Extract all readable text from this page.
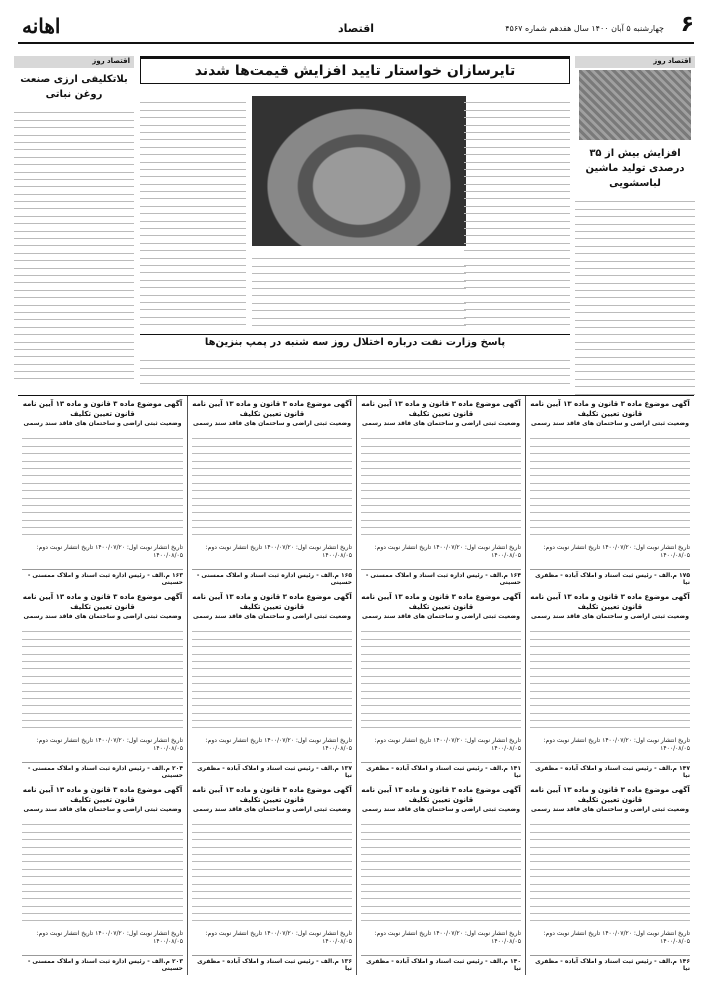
۶
چهارشنبه ۵ آبان ۱۴۰۰ سال هفدهم شماره ۴۵۶۷
اقتصاد
اهانه
اقتصاد روز
افزایش بیش از ۳۵ درصدی تولید ماشین لباسشویی
اقتصاد روز
بلاتکلیفی ارزی صنعت روغن نباتی
تایرسازان خواستار تایید افزایش قیمت‌ها شدند
پاسخ وزارت نفت درباره اختلال روز سه شنبه در پمپ بنزین‌ها
آگهی موضوع ماده ۳ قانون و ماده ۱۳ آیین نامه قانون تعیین تکلیف
وضعیت ثبتی اراضی و ساختمان های فاقد سند رسمی
تاریخ انتشار نوبت اول: ۱۴۰۰/۰۷/۲۰ تاریخ انتشار نوبت دوم: ۱۴۰۰/۰۸/۰۵
۱۷۵ م.الف - رئیس ثبت اسناد و املاک آباده - مظفری نیا
آگهی موضوع ماده ۳ قانون و ماده ۱۳ آیین نامه قانون تعیین تکلیف
وضعیت ثبتی اراضی و ساختمان های فاقد سند رسمی
تاریخ انتشار نوبت اول: ۱۴۰۰/۰۷/۲۰ تاریخ انتشار نوبت دوم: ۱۴۰۰/۰۸/۰۵
۱۶۴ م.الف - رئیس اداره ثبت اسناد و املاک ممسنی - حسینی
آگهی موضوع ماده ۳ قانون و ماده ۱۳ آیین نامه قانون تعیین تکلیف
وضعیت ثبتی اراضی و ساختمان های فاقد سند رسمی
تاریخ انتشار نوبت اول: ۱۴۰۰/۰۷/۲۰ تاریخ انتشار نوبت دوم: ۱۴۰۰/۰۸/۰۵
۱۶۵ م.الف - رئیس اداره ثبت اسناد و املاک ممسنی - حسینی
آگهی موضوع ماده ۳ قانون و ماده ۱۳ آیین نامه قانون تعیین تکلیف
وضعیت ثبتی اراضی و ساختمان های فاقد سند رسمی
تاریخ انتشار نوبت اول: ۱۴۰۰/۰۷/۲۰ تاریخ انتشار نوبت دوم: ۱۴۰۰/۰۸/۰۵
۱۶۳ م.الف - رئیس اداره ثبت اسناد و املاک ممسنی - حسینی
آگهی موضوع ماده ۳ قانون و ماده ۱۳ آیین نامه قانون تعیین تکلیف
وضعیت ثبتی اراضی و ساختمان های فاقد سند رسمی
تاریخ انتشار نوبت اول: ۱۴۰۰/۰۷/۲۰ تاریخ انتشار نوبت دوم: ۱۴۰۰/۰۸/۰۵
۱۴۷ م.الف - رئیس ثبت اسناد و املاک آباده - مظفری نیا
آگهی موضوع ماده ۳ قانون و ماده ۱۳ آیین نامه قانون تعیین تکلیف
وضعیت ثبتی اراضی و ساختمان های فاقد سند رسمی
تاریخ انتشار نوبت اول: ۱۴۰۰/۰۷/۲۰ تاریخ انتشار نوبت دوم: ۱۴۰۰/۰۸/۰۵
۱۴۱ م.الف - رئیس ثبت اسناد و املاک آباده - مظفری نیا
آگهی موضوع ماده ۳ قانون و ماده ۱۳ آیین نامه قانون تعیین تکلیف
وضعیت ثبتی اراضی و ساختمان های فاقد سند رسمی
تاریخ انتشار نوبت اول: ۱۴۰۰/۰۷/۲۰ تاریخ انتشار نوبت دوم: ۱۴۰۰/۰۸/۰۵
۱۳۷ م.الف - رئیس ثبت اسناد و املاک آباده - مظفری نیا
آگهی موضوع ماده ۳ قانون و ماده ۱۳ آیین نامه قانون تعیین تکلیف
وضعیت ثبتی اراضی و ساختمان های فاقد سند رسمی
تاریخ انتشار نوبت اول: ۱۴۰۰/۰۷/۲۰ تاریخ انتشار نوبت دوم: ۱۴۰۰/۰۸/۰۵
۲۰۴ م.الف - رئیس اداره ثبت اسناد و املاک ممسنی - حسینی
آگهی موضوع ماده ۳ قانون و ماده ۱۳ آیین نامه قانون تعیین تکلیف
وضعیت ثبتی اراضی و ساختمان های فاقد سند رسمی
تاریخ انتشار نوبت اول: ۱۴۰۰/۰۷/۲۰ تاریخ انتشار نوبت دوم: ۱۴۰۰/۰۸/۰۵
۱۴۶ م.الف - رئیس ثبت اسناد و املاک آباده - مظفری نیا
آگهی موضوع ماده ۳ قانون و ماده ۱۳ آیین نامه قانون تعیین تکلیف
وضعیت ثبتی اراضی و ساختمان های فاقد سند رسمی
تاریخ انتشار نوبت اول: ۱۴۰۰/۰۷/۲۰ تاریخ انتشار نوبت دوم: ۱۴۰۰/۰۸/۰۵
۱۴۰ م.الف - رئیس ثبت اسناد و املاک آباده - مظفری نیا
آگهی موضوع ماده ۳ قانون و ماده ۱۳ آیین نامه قانون تعیین تکلیف
وضعیت ثبتی اراضی و ساختمان های فاقد سند رسمی
تاریخ انتشار نوبت اول: ۱۴۰۰/۰۷/۲۰ تاریخ انتشار نوبت دوم: ۱۴۰۰/۰۸/۰۵
۱۳۶ م.الف - رئیس ثبت اسناد و املاک آباده - مظفری نیا
آگهی موضوع ماده ۳ قانون و ماده ۱۳ آیین نامه قانون تعیین تکلیف
وضعیت ثبتی اراضی و ساختمان های فاقد سند رسمی
تاریخ انتشار نوبت اول: ۱۴۰۰/۰۷/۲۰ تاریخ انتشار نوبت دوم: ۱۴۰۰/۰۸/۰۵
۲۰۳ م.الف - رئیس اداره ثبت اسناد و املاک ممسنی - حسینی
